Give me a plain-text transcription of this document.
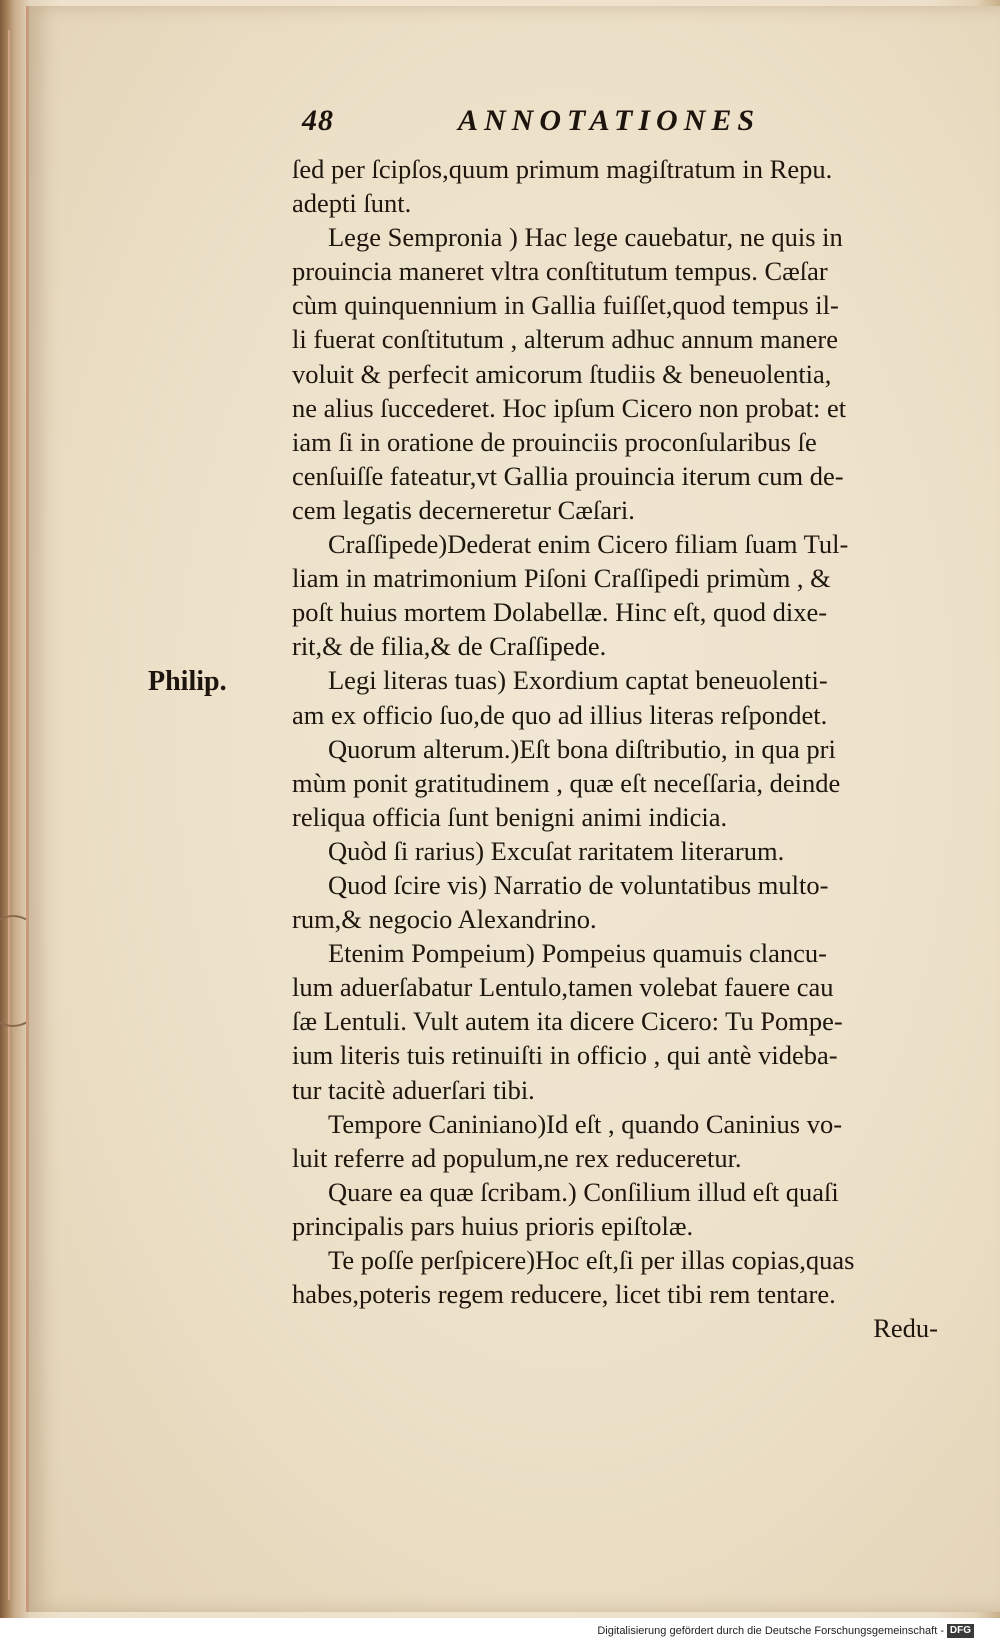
48	ANNOTATIONES
Philip.
ſed per ſcipſos,quum primum magiſtratum in Repu.
adepti ſunt.
Lege Sempronia ) Hac lege cauebatur, ne quis in
prouincia maneret vltra conſtitutum tempus. Cæſar
cùm quinquennium in Gallia fuiſſet,quod tempus il-
li fuerat conſtitutum , alterum adhuc annum manere
voluit & perfecit amicorum ſtudiis & beneuolentia,
ne alius ſuccederet. Hoc ipſum Cicero non probat: et
iam ſi in oratione de prouinciis proconſularibus ſe
cenſuiſſe fateatur,vt Gallia prouincia iterum cum de-
cem legatis decerneretur Cæſari.
Craſſipede)Dederat enim Cicero filiam ſuam Tul-
liam in matrimonium Piſoni Craſſipedi primùm , &
poſt huius mortem Dolabellæ. Hinc eſt, quod dixe-
rit,& de filia,& de Craſſipede.
Legi literas tuas) Exordium captat beneuolenti-
am ex officio ſuo,de quo ad illius literas reſpondet.
Quorum alterum.)Eſt bona diſtributio, in qua pri
mùm ponit gratitudinem , quæ eſt neceſſaria, deinde
reliqua officia ſunt benigni animi indicia.
Quòd ſi rarius) Excuſat raritatem literarum.
Quod ſcire vis) Narratio de voluntatibus multo-
rum,& negocio Alexandrino.
Etenim Pompeium) Pompeius quamuis clancu-
lum aduerſabatur Lentulo,tamen volebat fauere cau
ſæ Lentuli. Vult autem ita dicere Cicero: Tu Pompe-
ium literis tuis retinuiſti in officio , qui antè videba-
tur tacitè aduerſari tibi.
Tempore Caniniano)Id eſt , quando Caninius vo-
luit referre ad populum,ne rex reduceretur.
Quare ea quæ ſcribam.) Conſilium illud eſt quaſi
principalis pars huius prioris epiſtolæ.
Te poſſe perſpicere)Hoc eſt,ſi per illas copias,quas
habes,poteris regem reducere, licet tibi rem tentare.
Redu-
Digitalisierung gefördert durch die Deutsche Forschungsgemeinschaft - DFG
